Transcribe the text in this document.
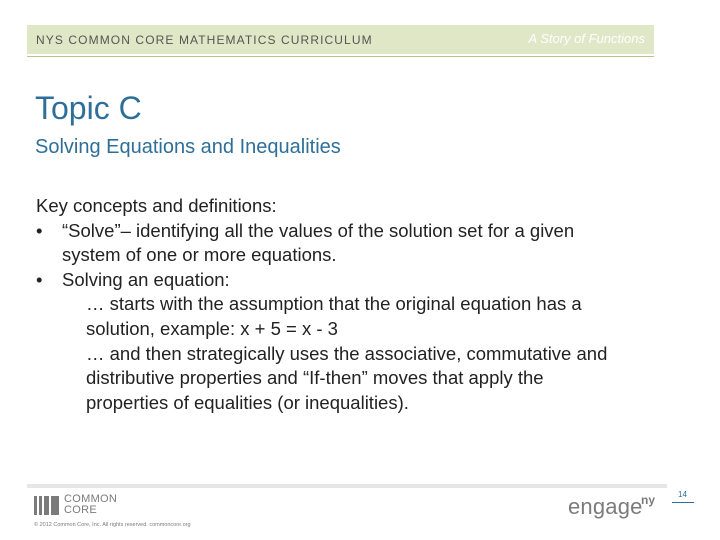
NYS COMMON CORE MATHEMATICS CURRICULUM	A Story of Functions
Topic C
Solving Equations and Inequalities
Key concepts and definitions:
• “Solve”– identifying all the values of the solution set for a given
system of one or more equations.
• Solving an equation:
… starts with the assumption that the original equation has a
solution, example: x + 5 = x - 3
… and then strategically uses the associative, commutative and
distributive properties and “If-then” moves that apply the
properties of equalities (or inequalities).
COMMON
CORE
© 2012 Common Core, Inc. All rights reserved. commoncore.org
engage
ny	14
